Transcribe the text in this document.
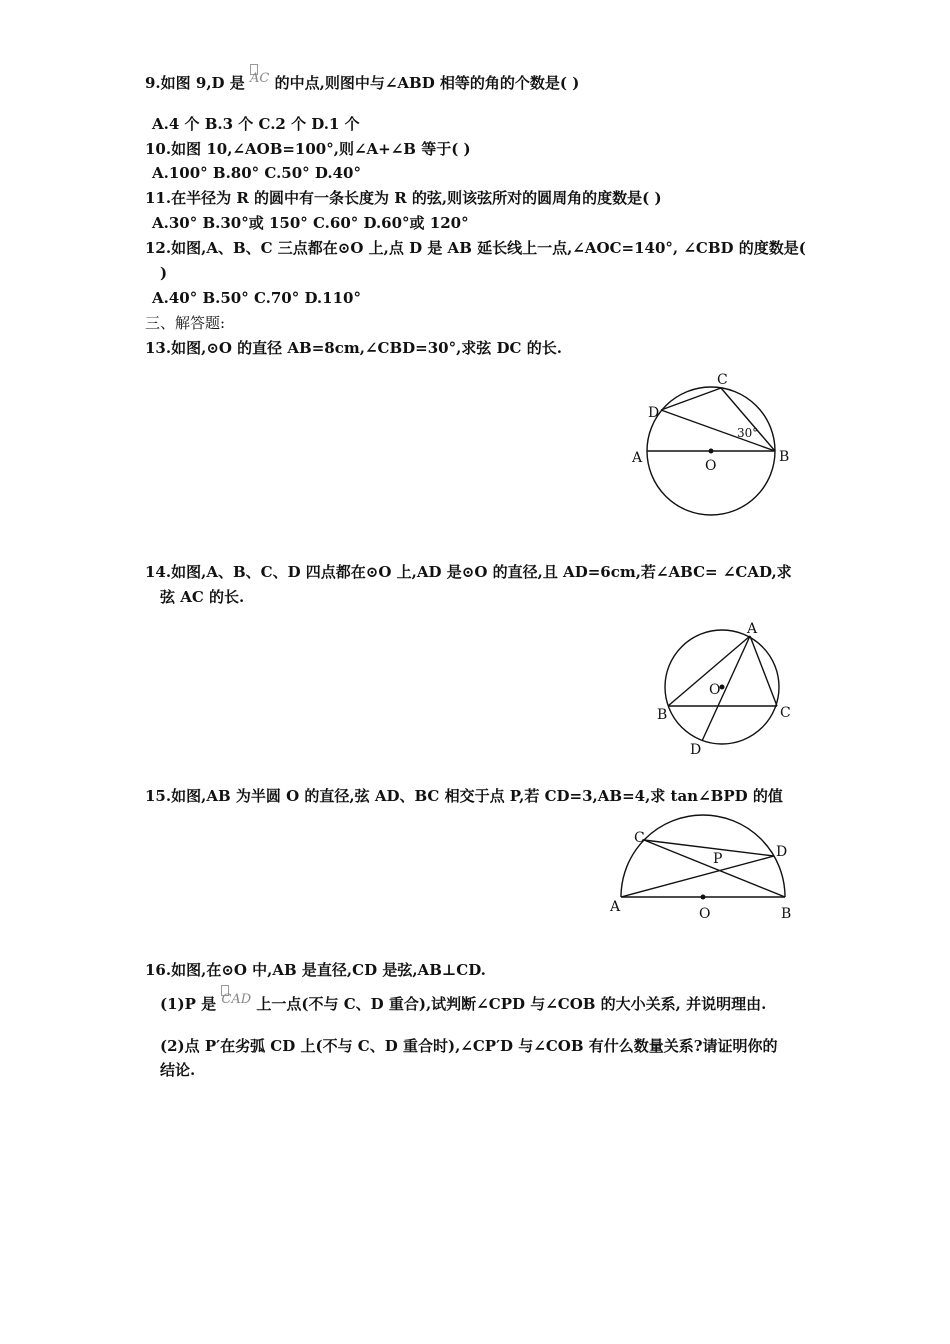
9.如图 9,D 是 AC 的中点,则图中与∠ABD 相等的角的个数是( )
A.4 个 B.3 个 C.2 个 D.1 个
10.如图 10,∠AOB=100°,则∠A+∠B 等于( )
A.100° B.80° C.50° D.40°
11.在半径为 R 的圆中有一条长度为 R 的弦,则该弦所对的圆周角的度数是( )
A.30° B.30°或 150° C.60° D.60°或 120°
12.如图,A、B、C 三点都在⊙O 上,点 D 是 AB 延长线上一点,∠AOC=140°, ∠CBD 的度数是(
)
A.40° B.50° C.70° D.110°
三、解答题:
13.如图,⊙O 的直径 AB=8cm,∠CBD=30°,求弦 DC 的长.
A	B
C
D
O
30°
A
B	C
D
O
A	B
C
D
O
P
14.如图,A、B、C、D 四点都在⊙O 上,AD 是⊙O 的直径,且 AD=6cm,若∠ABC= ∠CAD,求
弦 AC 的长.
15.如图,AB 为半圆 O 的直径,弦 AD、BC 相交于点 P,若 CD=3,AB=4,求 tan∠BPD 的值
16.如图,在⊙O 中,AB 是直径,CD 是弦,AB⊥CD.
(1)P 是 CAD 上一点(不与 C、D 重合),试判断∠CPD 与∠COB 的大小关系, 并说明理由.
(2)点 P′在劣弧 CD 上(不与 C、D 重合时),∠CP′D 与∠COB 有什么数量关系?请证明你的
结论.
